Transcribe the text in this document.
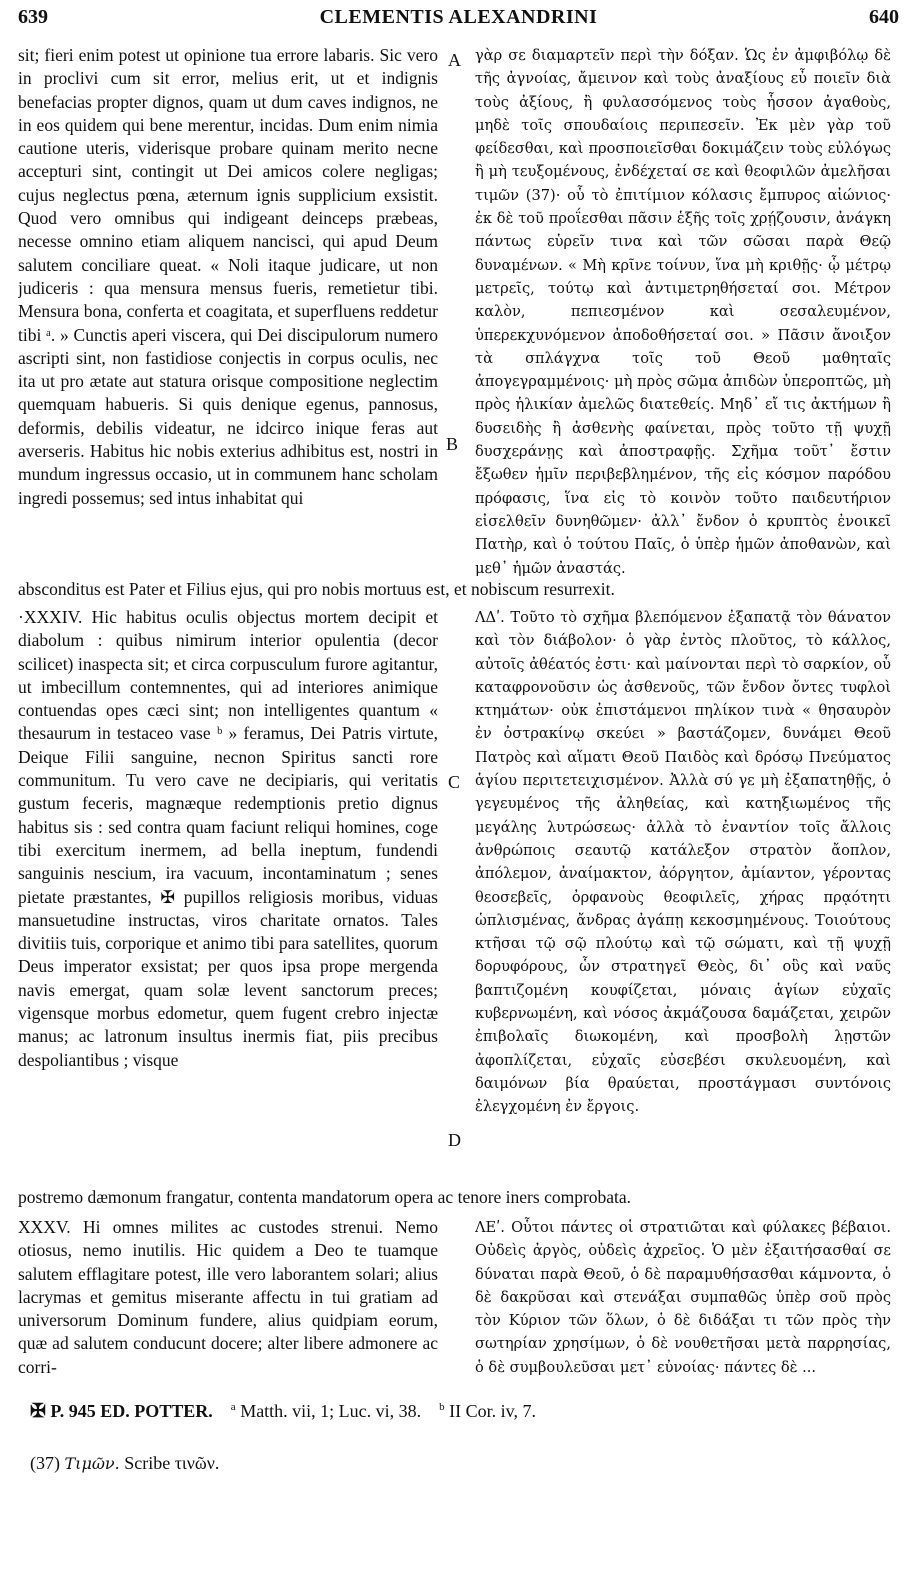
639	CLEMENTIS ALEXANDRINI	640

sit; fieri enim potest ut opinione tua errore labaris. Sic vero in proclivi cum sit error, melius erit, ut et indignis benefacias propter dignos, quam ut dum caves indignos, ne in eos quidem qui bene merentur, incidas. Dum enim nimia cautione uteris, viderisque probare quinam merito necne accepturi sint, contingit ut Dei amicos colere negligas; cujus neglectus pœna, æternum ignis supplicium exsistit. Quod vero omnibus qui indigeant deinceps præbeas, necesse omnino etiam aliquem nancisci, qui apud Deum salutem conciliare queat. « Noli itaque judicare, ut non judiceris : qua mensura mensus fueris, remetietur tibi. Mensura bona, conferta et coagitata, et superfluens reddetur tibi ᵃ. » Cunctis aperi viscera, qui Dei discipulorum numero ascripti sint, non fastidiose conjectis in corpus oculis, nec ita ut pro ætate aut statura orisque compositione neglectim quemquam habueris. Si quis denique egenus, pannosus, deformis, debilis videatur, ne idcirco inique feras aut averseris. Habitus hic nobis exterius adhibitus est, nostri in mundum ingressus occasio, ut in communem hanc scholam ingredi possemus; sed intus inhabitat qui

γὰρ σε διαμαρτεῖν περὶ τὴν δόξαν. Ὡς ἐν ἀμφιβόλῳ δὲ τῆς ἀγνοίας, ἄμεινον καὶ τοὺς ἀναξίους εὖ ποιεῖν διὰ τοὺς ἀξίους, ἢ φυλασσόμενος τοὺς ἧσσον ἀγαθοὺς, μηδὲ τοῖς σπουδαίοις περιπεσεῖν. Ἐκ μὲν γὰρ τοῦ φείδεσθαι, καὶ προσποιεῖσθαι δοκιμάζειν τοὺς εὐλόγως ἢ μὴ τευξομένους, ἐνδέχεταί σε καὶ θεοφιλῶν ἀμελῆσαι τιμῶν (37)· οὗ τὸ ἐπιτίμιον κόλασις ἔμπυρος αἰώνιος· ἐκ δὲ τοῦ προΐεσθαι πᾶσιν ἑξῆς τοῖς χρῄζουσιν, ἀνάγκη πάντως εὑρεῖν τινα καὶ τῶν σῶσαι παρὰ Θεῷ δυναμένων. « Μὴ κρῖνε τοίνυν, ἵνα μὴ κριθῇς· ᾧ μέτρῳ μετρεῖς, τούτῳ καὶ ἀντιμετρηθήσεταί σοι. Μέτρον καλὸν, πεπιεσμένον καὶ σεσαλευμένον, ὑπερεκχυνόμενον ἀποδοθήσεταί σοι. » Πᾶσιν ἄνοιξον τὰ σπλάγχνα τοῖς τοῦ Θεοῦ μαθηταῖς ἀπογεγραμμένοις· μὴ πρὸς σῶμα ἀπιδὼν ὑπεροπτῶς, μὴ πρὸς ἡλικίαν ἀμελῶς διατεθείς. Μηδ᾽ εἴ τις ἀκτήμων ἢ δυσειδὴς ἢ ἀσθενὴς φαίνεται, πρὸς τοῦτο τῇ ψυχῇ δυσχεράνῃς καὶ ἀποστραφῇς. Σχῆμα τοῦτ᾽ ἔστιν ἔξωθεν ἡμῖν περιβεβλημένον, τῆς εἰς κόσμον παρόδου πρόφασις, ἵνα εἰς τὸ κοινὸν τοῦτο παιδευτήριον εἰσελθεῖν δυνηθῶμεν· ἀλλ᾽ ἔνδον ὁ κρυπτὸς ἐνοικεῖ Πατὴρ, καὶ ὁ τούτου Παῖς, ὁ ὑπὲρ ἡμῶν ἀποθανὼν, καὶ μεθ᾽ ἡμῶν ἀναστάς.

absconditus est Pater et Filius ejus, qui pro nobis mortuus est, et nobiscum resurrexit.

·XXXIV. Hic habitus oculis objectus mortem decipit et diabolum : quibus nimirum interior opulentia (decor scilicet) inaspecta sit; et circa corpusculum furore agitantur, ut imbecillum contemnentes, qui ad interiores animique contuendas opes cæci sint; non intelligentes quantum « thesaurum in testaceo vase ᵇ » feramus, Dei Patris virtute, Deique Filii sanguine, necnon Spiritus sancti rore communitum. Tu vero cave ne decipiaris, qui veritatis gustum feceris, magnæque redemptionis pretio dignus habitus sis : sed contra quam faciunt reliqui homines, coge tibi exercitum inermem, ad bella ineptum, fundendi sanguinis nescium, ira vacuum, incontaminatum ; senes pietate præstantes, ✠ pupillos religiosis moribus, viduas mansuetudine instructas, viros charitate ornatos. Tales divitiis tuis, corporique et animo tibi para satellites, quorum Deus imperator exsistat; per quos ipsa prope mergenda navis emergat, quam solæ levent sanctorum preces; vigensque morbus edometur, quem fugent crebro injectæ manus; ac latronum insultus inermis fiat, piis precibus despoliantibus ; visque

ΛΔʹ. Τοῦτο τὸ σχῆμα βλεπόμενον ἐξαπατᾷ τὸν θάνατον καὶ τὸν διάβολον· ὁ γὰρ ἐντὸς πλοῦτος, τὸ κάλλος, αὐτοῖς ἀθέατός ἐστι· καὶ μαίνονται περὶ τὸ σαρκίον, οὗ καταφρονοῦσιν ὡς ἀσθενοῦς, τῶν ἔνδον ὄντες τυφλοὶ κτημάτων· οὐκ ἐπιστάμενοι πηλίκον τινὰ « θησαυρὸν ἐν ὀστρακίνῳ σκεύει » βαστάζομεν, δυνάμει Θεοῦ Πατρὸς καὶ αἵματι Θεοῦ Παιδὸς καὶ δρόσῳ Πνεύματος ἁγίου περιτετειχισμένον. Ἀλλὰ σύ γε μὴ ἐξαπατηθῇς, ὁ γεγευμένος τῆς ἀληθείας, καὶ κατηξιωμένος τῆς μεγάλης λυτρώσεως· ἀλλὰ τὸ ἐναντίον τοῖς ἄλλοις ἀνθρώποις σεαυτῷ κατάλεξον στρατὸν ἄοπλον, ἀπόλεμον, ἀναίμακτον, ἀόργητον, ἀμίαντον, γέροντας θεοσεβεῖς, ὀρφανοὺς θεοφιλεῖς, χήρας πρᾳότητι ὡπλισμένας, ἄνδρας ἀγάπῃ κεκοσμημένους. Τοιούτους κτῆσαι τῷ σῷ πλούτῳ καὶ τῷ σώματι, καὶ τῇ ψυχῇ δορυφόρους, ὧν στρατηγεῖ Θεὸς, δι᾽ οὓς καὶ ναῦς βαπτιζομένη κουφίζεται, μόναις ἁγίων εὐχαῖς κυβερνωμένη, καὶ νόσος ἀκμάζουσα δαμάζεται, χειρῶν ἐπιβολαῖς διωκομένη, καὶ προσβολὴ λῃστῶν ἀφοπλίζεται, εὐχαῖς εὐσεβέσι σκυλευομένη, καὶ δαιμόνων βία θραύεται, προστάγμασι συντόνοις ἐλεγχομένη ἐν ἔργοις.

postremo dæmonum frangatur, contenta mandatorum opera ac tenore iners comprobata.

XXXV. Hi omnes milites ac custodes strenui. Nemo otiosus, nemo inutilis. Hic quidem a Deo te tuamque salutem efflagitare potest, ille vero laborantem solari; alius lacrymas et gemitus miserante affectu in tui gratiam ad universorum Dominum fundere, alius quidpiam eorum, quæ ad salutem conducunt docere; alter libere admonere ac corri-

ΛΕʹ. Οὗτοι πάντες οἱ στρατιῶται καὶ φύλακες βέβαιοι. Οὐδεὶς ἀργὸς, οὐδεὶς ἀχρεῖος. Ὁ μὲν ἐξαιτήσασθαί σε δύναται παρὰ Θεοῦ, ὁ δὲ παραμυθήσασθαι κάμνοντα, ὁ δὲ δακρῦσαι καὶ στενάξαι συμπαθῶς ὑπὲρ σοῦ πρὸς τὸν Κύριον τῶν ὅλων, ὁ δὲ διδάξαι τι τῶν πρὸς τὴν σωτηρίαν χρησίμων, ὁ δὲ νουθετῆσαι μετὰ παρρησίας, ὁ δὲ συμβουλεῦσαι μετ᾽ εὐνοίας· πάντες δὲ ...

A
B
C
D
✠ P. 945 ED. POTTER. $^a$ Matth. vii, 1; Luc. vi, 38. $^b$ II Cor. iv, 7.
(37) Τιμῶν. Scribe τινῶν.
